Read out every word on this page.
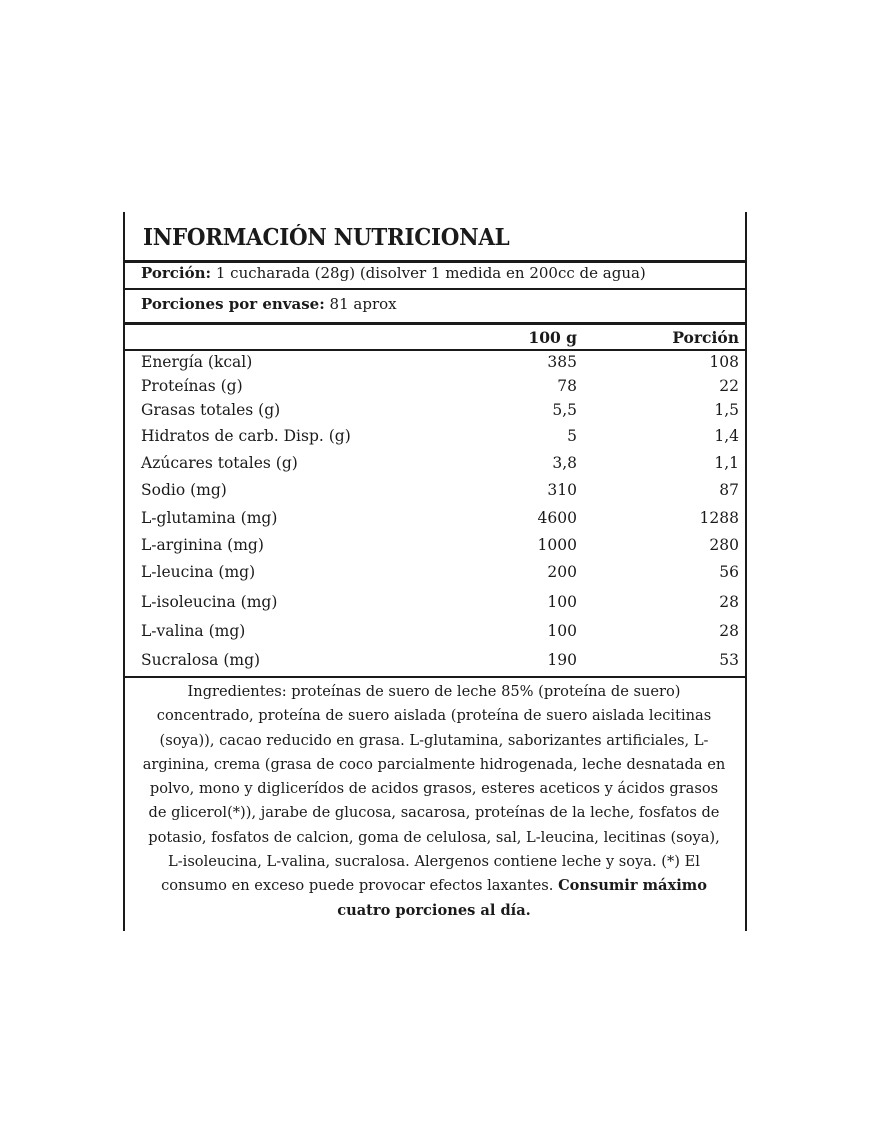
INFORMACIÓN NUTRICIONAL
Porción: 1 cucharada (28g) (disolver 1 medida en 200cc de agua)
Porciones por envase: 81 aprox
100 g	Porción
Energía (kcal)	385	108
Proteínas (g)	78	22
Grasas totales (g)	5,5	1,5
Hidratos de carb. Disp. (g)	5	1,4
Azúcares totales (g)	3,8	1,1
Sodio (mg)	310	87
L-glutamina (mg)	4600	1288
L-arginina (mg)	1000	280
L-leucina (mg)	200	56
L-isoleucina (mg)	100	28
L-valina (mg)	100	28
Sucralosa (mg)	190	53
Ingredientes: proteínas de suero de leche 85% (proteína de suero) concentrado, proteína de suero aislada (proteína de suero aislada lecitinas (soya)), cacao reducido en grasa. L-glutamina, saborizantes artificiales, L-arginina, crema (grasa de coco parcialmente hidrogenada, leche desnatada en polvo, mono y diglicerídos de acidos grasos, esteres aceticos y ácidos grasos de glicerol(*)), jarabe de glucosa, sacarosa, proteínas de la leche, fosfatos de potasio, fosfatos de calcion, goma de celulosa, sal, L-leucina, lecitinas (soya), L-isoleucina, L-valina, sucralosa. Alergenos contiene leche y soya. (*) El consumo en exceso puede provocar efectos laxantes. Consumir máximo cuatro porciones al día.
